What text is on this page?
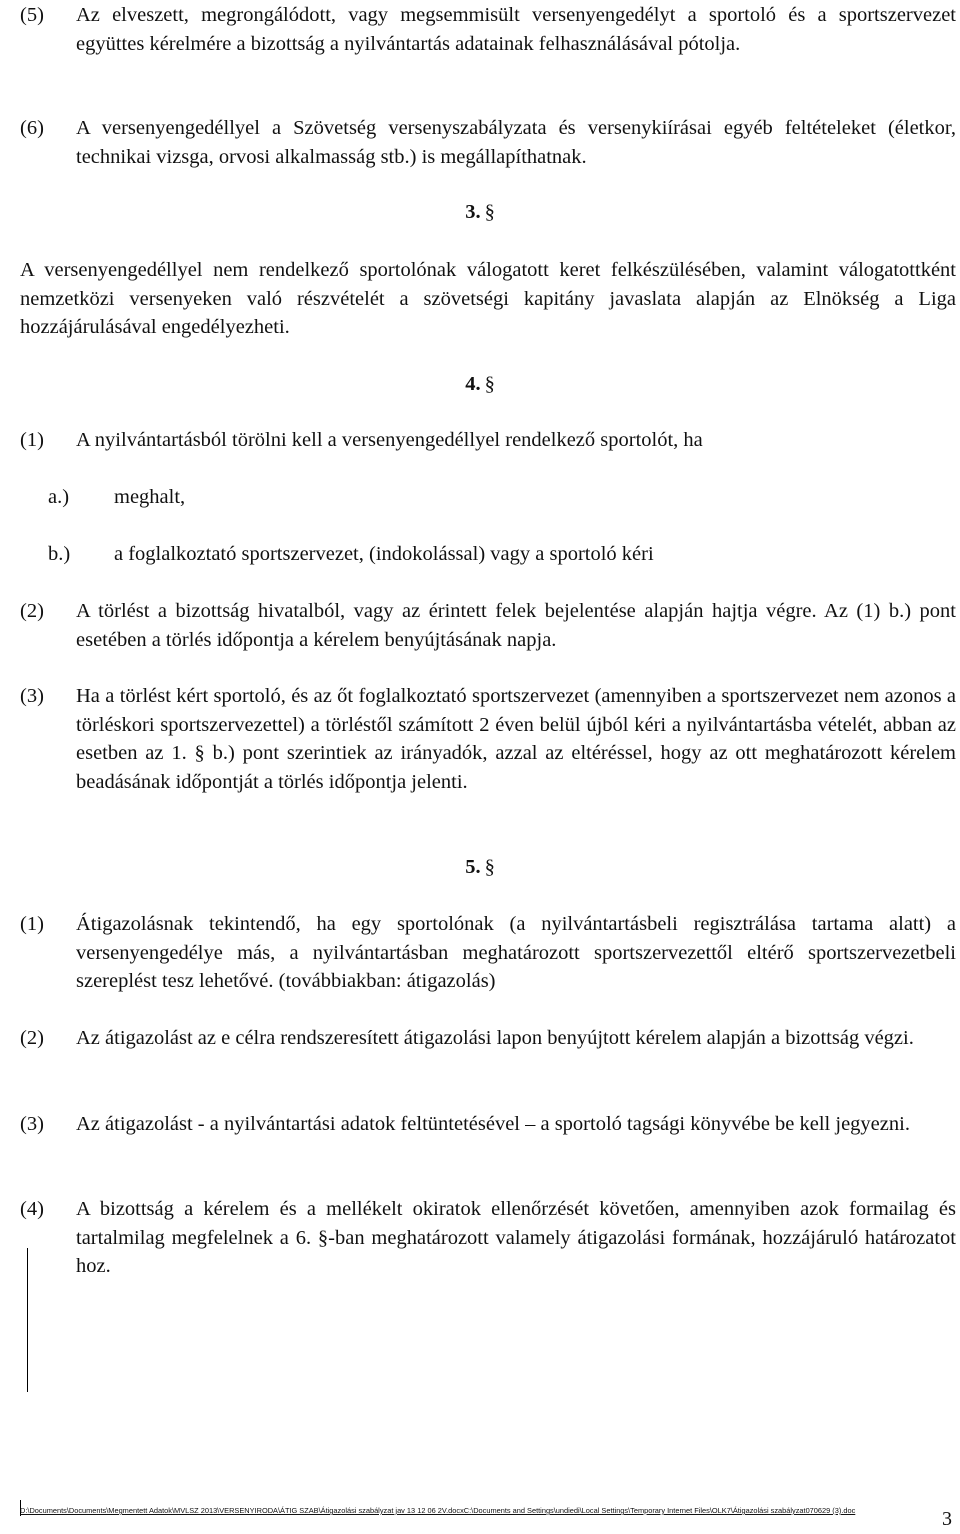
(5) Az elveszett, megrongálódott, vagy megsemmisült versenyengedélyt a sportoló és a sportszervezet együttes kérelmére a bizottság a nyilvántartás adatainak felhasználásával pótolja.
(6) A versenyengedéllyel a Szövetség versenyszabályzata és versenykiírásai egyéb feltételeket (életkor, technikai vizsga, orvosi alkalmasság stb.) is megállapíthatnak.
3. §
A versenyengedéllyel nem rendelkező sportolónak válogatott keret felkészülésében, valamint válogatottként nemzetközi versenyeken való részvételét a szövetségi kapitány javaslata alapján az Elnökség a Liga hozzájárulásával engedélyezheti.
4. §
(1) A nyilvántartásból törölni kell a versenyengedéllyel rendelkező sportolót, ha
a.) meghalt,
b.) a foglalkoztató sportszervezet, (indokolással) vagy a sportoló kéri
(2) A törlést a bizottság hivatalból, vagy az érintett felek bejelentése alapján hajtja végre. Az (1) b.) pont esetében a törlés időpontja a kérelem benyújtásának napja.
(3) Ha a törlést kért sportoló, és az őt foglalkoztató sportszervezet (amennyiben a sportszervezet nem azonos a törléskori sportszervezettel) a törléstől számított 2 éven belül újból kéri a nyilvántartásba vételét, abban az esetben az 1. § b.) pont szerintiek az irányadók, azzal az eltéréssel, hogy az ott meghatározott kérelem beadásának időpontját a törlés időpontja jelenti.
5. §
(1) Átigazolásnak tekintendő, ha egy sportolónak (a nyilvántartásbeli regisztrálása tartama alatt) a versenyengedélye más, a nyilvántartásban meghatározott sportszervezettől eltérő sportszervezetbeli szereplést tesz lehetővé. (továbbiakban: átigazolás)
(2) Az átigazolást az e célra rendszeresített átigazolási lapon benyújtott kérelem alapján a bizottság végzi.
(3) Az átigazolást - a nyilvántartási adatok feltüntetésével – a sportoló tagsági könyvébe be kell jegyezni.
(4) A bizottság a kérelem és a mellékelt okiratok ellenőrzését követően, amennyiben azok formailag és tartalmilag megfelelnek a 6. §-ban meghatározott valamely átigazolási formának, hozzájáruló határozatot hoz.
D:\Documents\Documents\Megmentett Adatok\MVLSZ 2013\VERSENYIRODA\ÁTIG SZAB\Átigazolási szabályzat jav 13 12 06 2V.docxC:\Documents and Settings\undiedi\Local Settings\Temporary Internet Files\OLK7\Átigazolási szabályzat070629 (3).doc	3
